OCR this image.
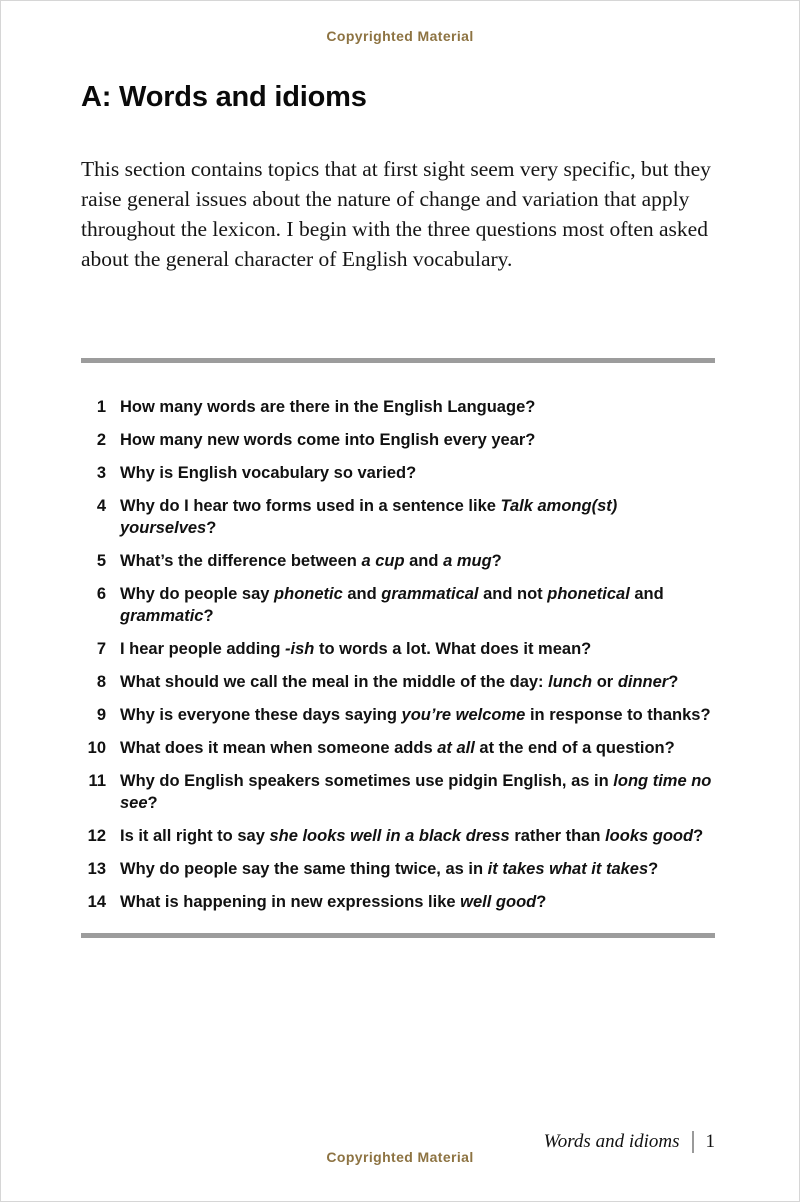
Copyrighted Material
A: Words and idioms

This section contains topics that at first sight seem very specific, but they raise general issues about the nature of change and variation that apply throughout the lexicon. I begin with the three questions most often asked about the general character of English vocabulary.

1 How many words are there in the English Language?
2 How many new words come into English every year?
3 Why is English vocabulary so varied?
4 Why do I hear two forms used in a sentence like Talk among(st) yourselves?
5 What’s the difference between a cup and a mug?
6 Why do people say phonetic and grammatical and not phonetical and grammatic?
7 I hear people adding -ish to words a lot. What does it mean?
8 What should we call the meal in the middle of the day: lunch or dinner?
9 Why is everyone these days saying you’re welcome in response to thanks?
10 What does it mean when someone adds at all at the end of a question?
11 Why do English speakers sometimes use pidgin English, as in long time no see?
12 Is it all right to say she looks well in a black dress rather than looks good?
13 Why do people say the same thing twice, as in it takes what it takes?
14 What is happening in new expressions like well good?
Words and idioms 1
Copyrighted Material
